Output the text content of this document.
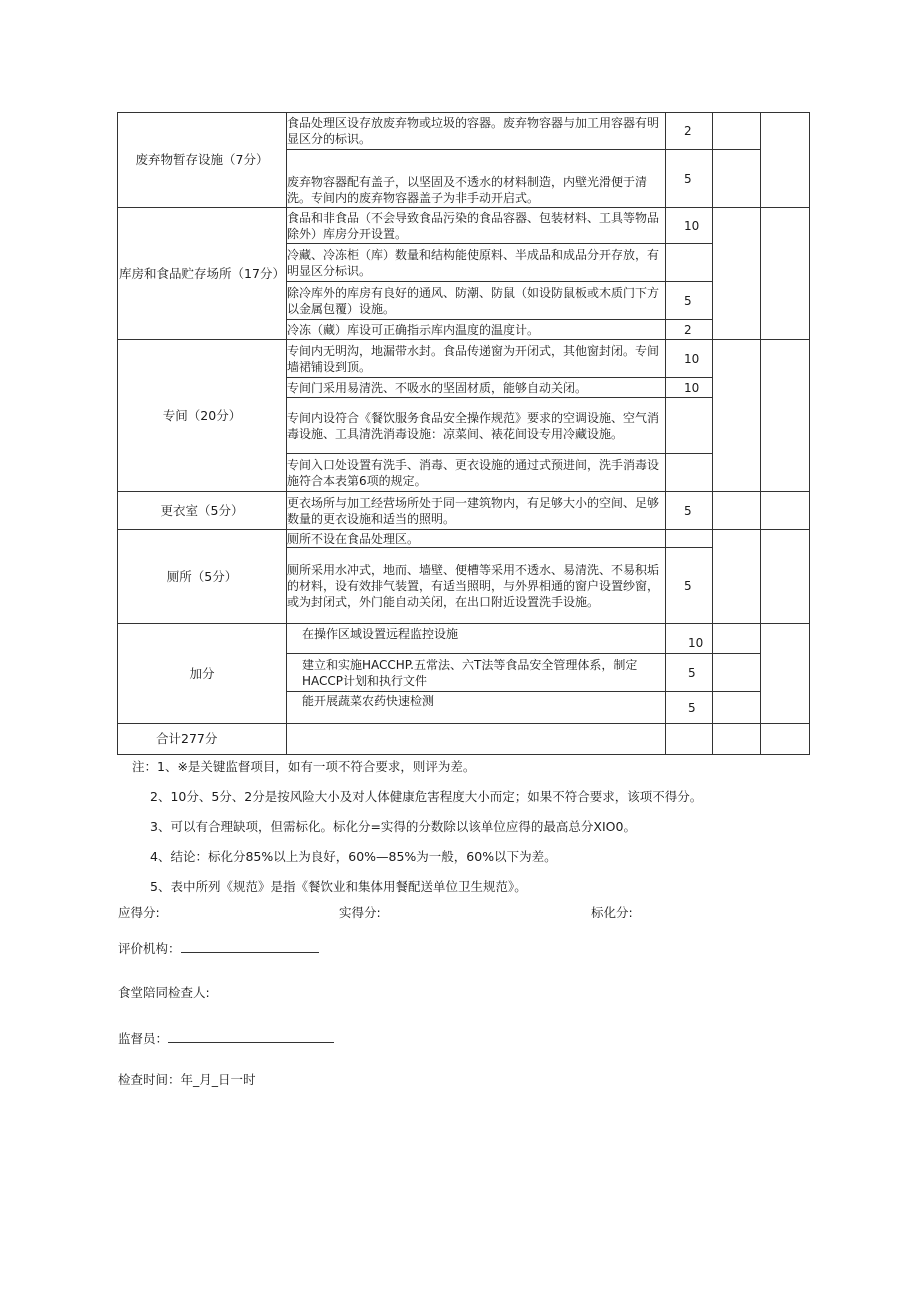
废弃物暂存设施（7分）	食品处理区设存放废弃物或垃圾的容器。废弃物容器与加工用容器有明显区分的标识。	2		
	废弃物容器配有盖子，以坚固及不透水的材料制造，内壁光滑便于清洗。专间内的废弃物容器盖子为非手动开启式。	5		
库房和食品贮存场所（17分）	食品和非食品（不会导致食品污染的食品容器、包装材料、工具等物品除外）库房分开设置。	10		
	冷藏、冷冻柜（库）数量和结构能使原料、半成品和成品分开存放，有明显区分标识。			
	除冷库外的库房有良好的通风、防潮、防鼠（如设防鼠板或木质门下方以金属包覆）设施。	5		
	冷冻（藏）库设可正确指示库内温度的温度计。	2		
专间（20分）	专间内无明沟，地漏带水封。食品传递窗为开闭式，其他窗封闭。专间墙裙铺设到顶。	10		
	专间门采用易清洗、不吸水的坚固材质，能够自动关闭。	10		
	专间内设符合《餐饮服务食品安全操作规范》要求的空调设施、空气消毒设施、工具清洗消毒设施：凉菜间、裱花间设专用冷藏设施。			
	专间入口处设置有洗手、消毒、更衣设施的通过式预进间，洗手消毒设施符合本表第6项的规定。			
更衣室（5分）	更衣场所与加工经营场所处于同一建筑物内，有足够大小的空间、足够数量的更衣设施和适当的照明。	5		
厕所（5分）	厕所不设在食品处理区。			
	厕所采用水冲式，地而、墙壁、便槽等采用不透水、易清洗、不易积垢的材料，设有效排气装置，有适当照明，与外界相通的窗户设置纱窗，或为封闭式，外门能自动关闭，在出口附近设置洗手设施。	5		
加分	在操作区域设置远程监控设施	10		
	建立和实施HACCHP.五常法、六T法等食品安全管理体系，制定HACCP计划和执行文件	5		
	能开展蔬菜农药快速检测	5		
合计277分				
注：1、※是关键监督项目，如有一项不符合要求，则评为差。
2、10分、5分、2分是按风险大小及对人体健康危害程度大小而定；如果不符合要求，该项不得分。
3、可以有合理缺项，但需标化。标化分=实得的分数除以该单位应得的最高总分XIO0。
4、结论：标化分85%以上为良好，60%—85%为一般，60%以下为差。
5、表中所列《规范》是指《餐饮业和集体用餐配送单位卫生规范》。
应得分:	实得分:	标化分:
评价机构：
食堂陪同检查人:
监督员：
检查时间：年_月_日一时
